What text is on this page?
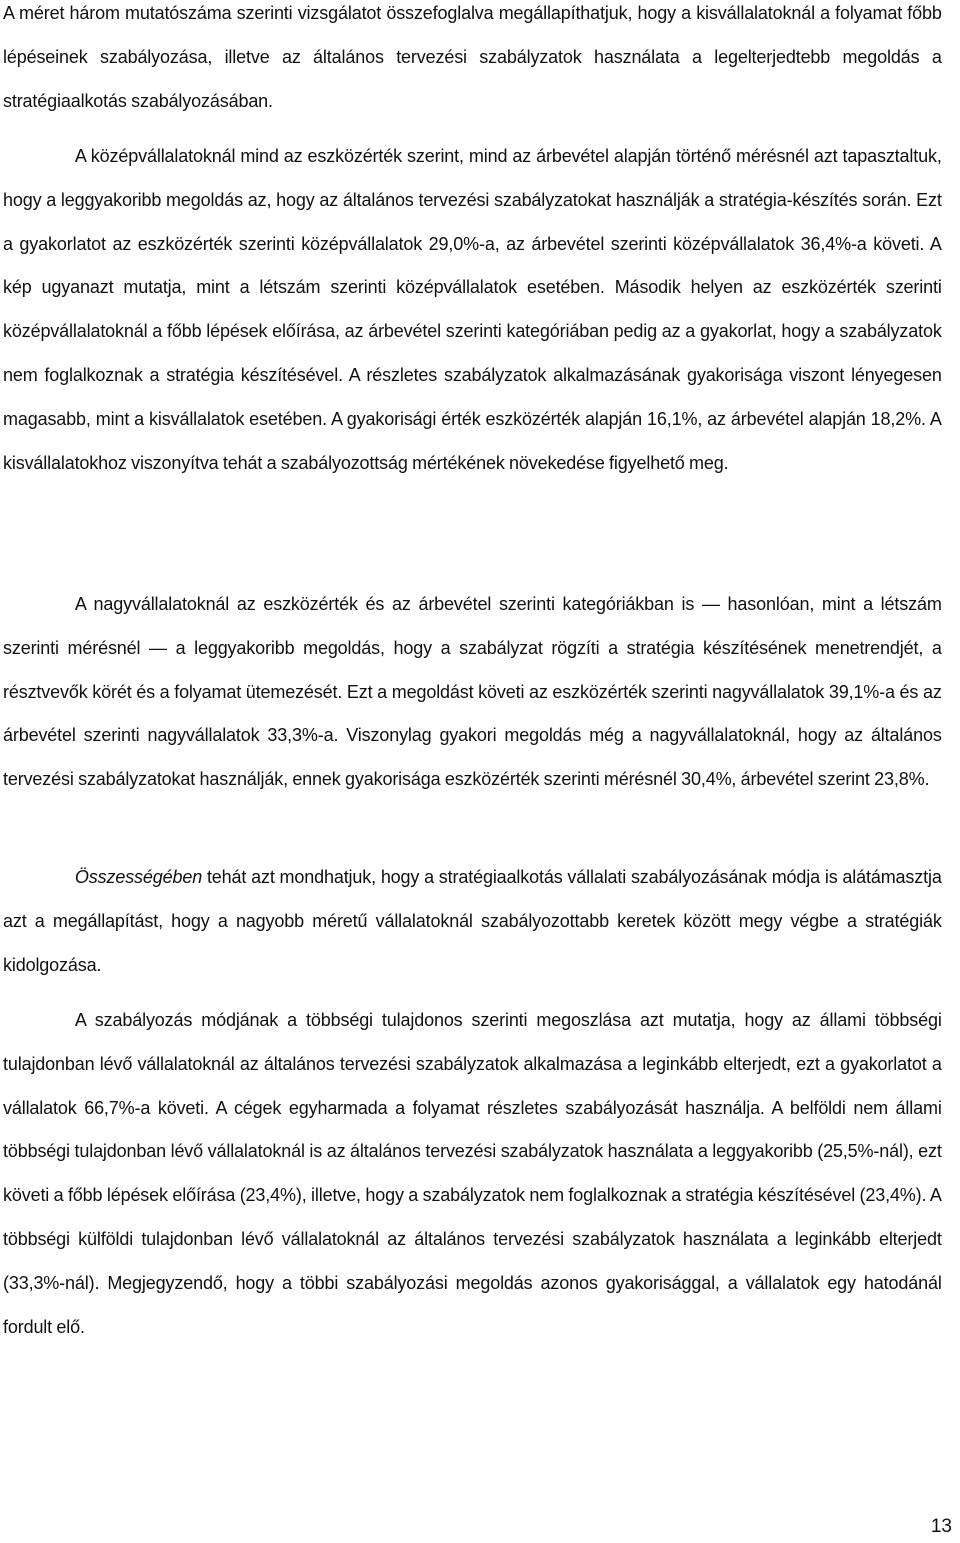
A méret három mutatószáma szerinti vizsgálatot összefoglalva megállapíthatjuk, hogy a kisvállalatoknál a folyamat főbb lépéseinek szabályozása, illetve az általános tervezési szabályzatok használata a legelterjedtebb megoldás a stratégiaalkotás szabályozásában.

A középvállalatoknál mind az eszközérték szerint, mind az árbevétel alapján történő mérésnél azt tapasztaltuk, hogy a leggyakoribb megoldás az, hogy az általános tervezési szabályzatokat használják a stratégia-készítés során. Ezt a gyakorlatot az eszközérték szerinti középvállalatok 29,0%-a, az árbevétel szerinti középvállalatok 36,4%-a követi. A kép ugyanazt mutatja, mint a létszám szerinti középvállalatok esetében. Második helyen az eszközérték szerinti középvállalatoknál a főbb lépések előírása, az árbevétel szerinti kategóriában pedig az a gyakorlat, hogy a szabályzatok nem foglalkoznak a stratégia készítésével. A részletes szabályzatok alkalmazásának gyakorisága viszont lényegesen magasabb, mint a kisvállalatok esetében. A gyakorisági érték eszközérték alapján 16,1%, az árbevétel alapján 18,2%. A kisvállalatokhoz viszonyítva tehát a szabályozottság mértékének növekedése figyelhető meg.

A nagyvállalatoknál az eszközérték és az árbevétel szerinti kategóriákban is — hasonlóan, mint a létszám szerinti mérésnél — a leggyakoribb megoldás, hogy a szabályzat rögzíti a stratégia készítésének menetrendjét, a résztvevők körét és a folyamat ütemezését. Ezt a megoldást követi az eszközérték szerinti nagyvállalatok 39,1%-a és az árbevétel szerinti nagyvállalatok 33,3%-a. Viszonylag gyakori megoldás még a nagyvállalatoknál, hogy az általános tervezési szabályzatokat használják, ennek gyakorisága eszközérték szerinti mérésnél 30,4%, árbevétel szerint 23,8%.

Összességében tehát azt mondhatjuk, hogy a stratégiaalkotás vállalati szabályozásának módja is alátámasztja azt a megállapítást, hogy a nagyobb méretű vállalatoknál szabályozottabb keretek között megy végbe a stratégiák kidolgozása.

A szabályozás módjának a többségi tulajdonos szerinti megoszlása azt mutatja, hogy az állami többségi tulajdonban lévő vállalatoknál az általános tervezési szabályzatok alkalmazása a leginkább elterjedt, ezt a gyakorlatot a vállalatok 66,7%-a követi. A cégek egyharmada a folyamat részletes szabályozását használja. A belföldi nem állami többségi tulajdonban lévő vállalatoknál is az általános tervezési szabályzatok használata a leggyakoribb (25,5%-nál), ezt követi a főbb lépések előírása (23,4%), illetve, hogy a szabályzatok nem foglalkoznak a stratégia készítésével (23,4%). A többségi külföldi tulajdonban lévő vállalatoknál az általános tervezési szabályzatok használata a leginkább elterjedt (33,3%-nál). Megjegyzendő, hogy a többi szabályozási megoldás azonos gyakorisággal, a vállalatok egy hatodánál fordult elő.

13
